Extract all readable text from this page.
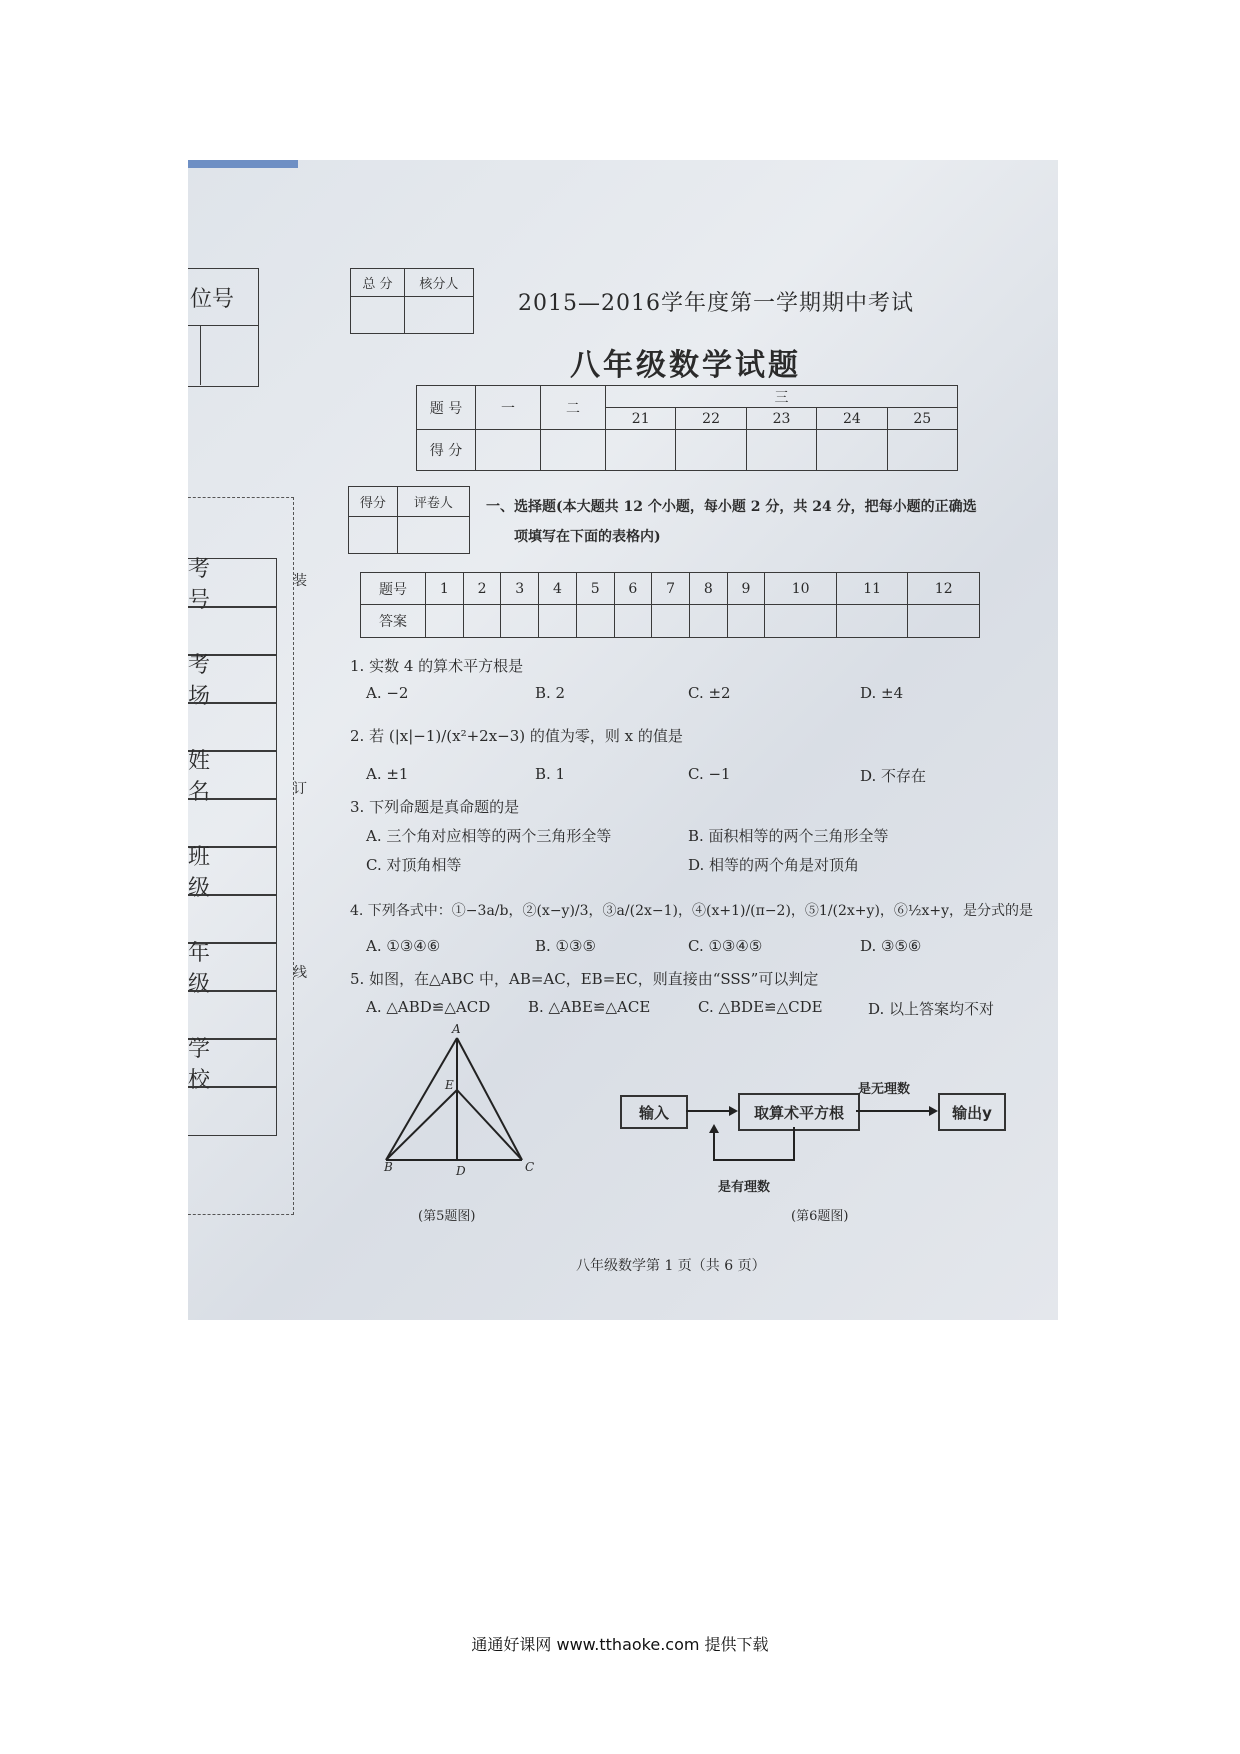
位号
考 号
考 场
姓 名
班 级
年 级
学 校
装
订
线
总 分	核分人

2015—2016学年度第一学期期中考试
八年级数学试题
题 号	一	二	三				
			21	22	23	24	25
得 分							
得分	评卷人
	一、选择题(本大题共 12 个小题，每小题 2 分，共 24 分，把每小题的正确选
项填写在下面的表格内)
题号	1	2	3	4	5	6	7	8	9	10	11	12
答案												
1. 实数 4 的算术平方根是
A. −2	B. 2	C. ±2	D. ±4
2. 若 (|x|−1)/(x²+2x−3) 的值为零，则 x 的值是
A. ±1	B. 1	C. −1	D. 不存在
3. 下列命题是真命题的是
A. 三个角对应相等的两个三角形全等	B. 面积相等的两个三角形全等
C. 对顶角相等	D. 相等的两个角是对顶角
4. 下列各式中：①−3a/b，②(x−y)/3，③a/(2x−1)，④(x+1)/(π−2)，⑤1/(2x+y)，⑥½x+y，是分式的是
A. ①③④⑥	B. ①③⑤	C. ①③④⑤	D. ③⑤⑥
5. 如图，在△ABC 中，AB=AC，EB=EC，则直接由“SSS”可以判定
A. △ABD≌△ACD	B. △ABE≌△ACE	C. △BDE≌△CDE	D. 以上答案均不对
A
E
B	D	C
(第5题图)
输入	取算术平方根	输出y
是无理数
是有理数
(第6题图)
八年级数学第 1 页（共 6 页）
通通好课网 www.tthaoke.com 提供下载
